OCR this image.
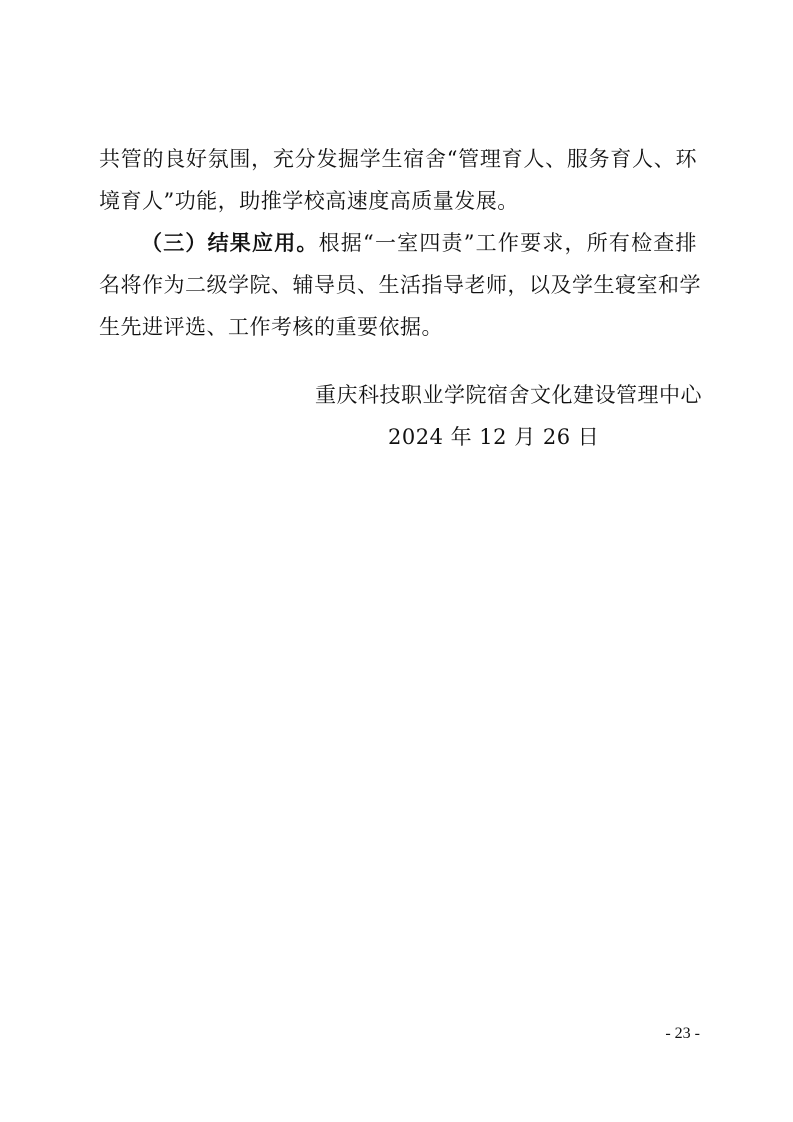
共管的良好氛围，充分发掘学生宿舍“管理育人、服务育人、环
境育人”功能，助推学校高速度高质量发展。
（三）结果应用。根据“一室四责”工作要求，所有检查排
名将作为二级学院、辅导员、生活指导老师，以及学生寝室和学
生先进评选、工作考核的重要依据。
重庆科技职业学院宿舍文化建设管理中心
2024 年 12 月 26 日
- 23 -
